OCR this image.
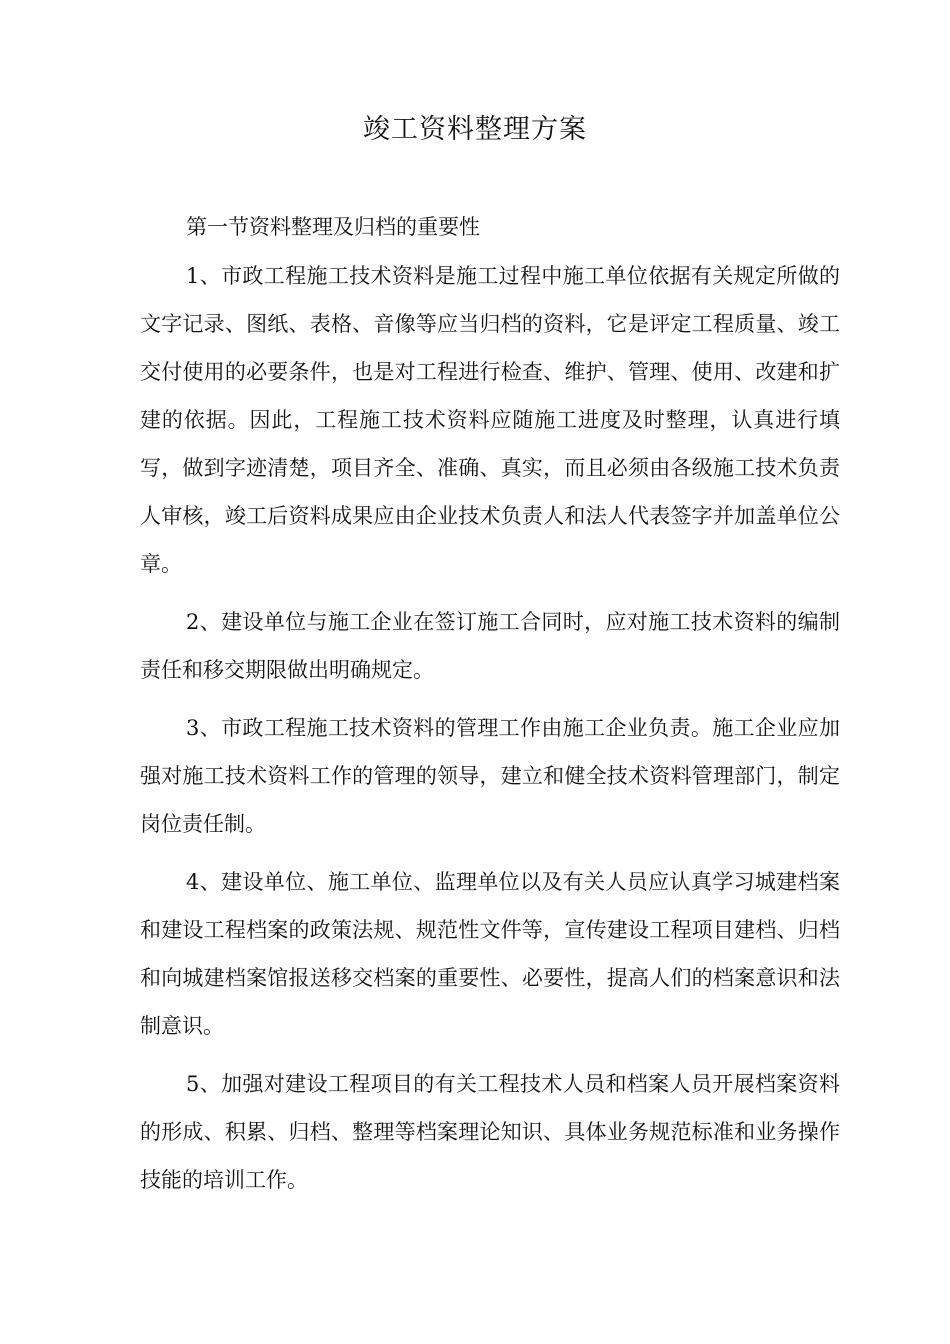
竣工资料整理方案
第一节资料整理及归档的重要性

1、市政工程施工技术资料是施工过程中施工单位依据有关规定所做的文字记录、图纸、表格、音像等应当归档的资料，它是评定工程质量、竣工交付使用的必要条件，也是对工程进行检查、维护、管理、使用、改建和扩建的依据。因此，工程施工技术资料应随施工进度及时整理，认真进行填写，做到字迹清楚，项目齐全、准确、真实，而且必须由各级施工技术负责人审核，竣工后资料成果应由企业技术负责人和法人代表签字并加盖单位公章。

2、建设单位与施工企业在签订施工合同时，应对施工技术资料的编制责任和移交期限做出明确规定。

3、市政工程施工技术资料的管理工作由施工企业负责。施工企业应加强对施工技术资料工作的管理的领导，建立和健全技术资料管理部门，制定岗位责任制。

4、建设单位、施工单位、监理单位以及有关人员应认真学习城建档案和建设工程档案的政策法规、规范性文件等，宣传建设工程项目建档、归档和向城建档案馆报送移交档案的重要性、必要性，提高人们的档案意识和法制意识。

5、加强对建设工程项目的有关工程技术人员和档案人员开展档案资料的形成、积累、归档、整理等档案理论知识、具体业务规范标准和业务操作技能的培训工作。
